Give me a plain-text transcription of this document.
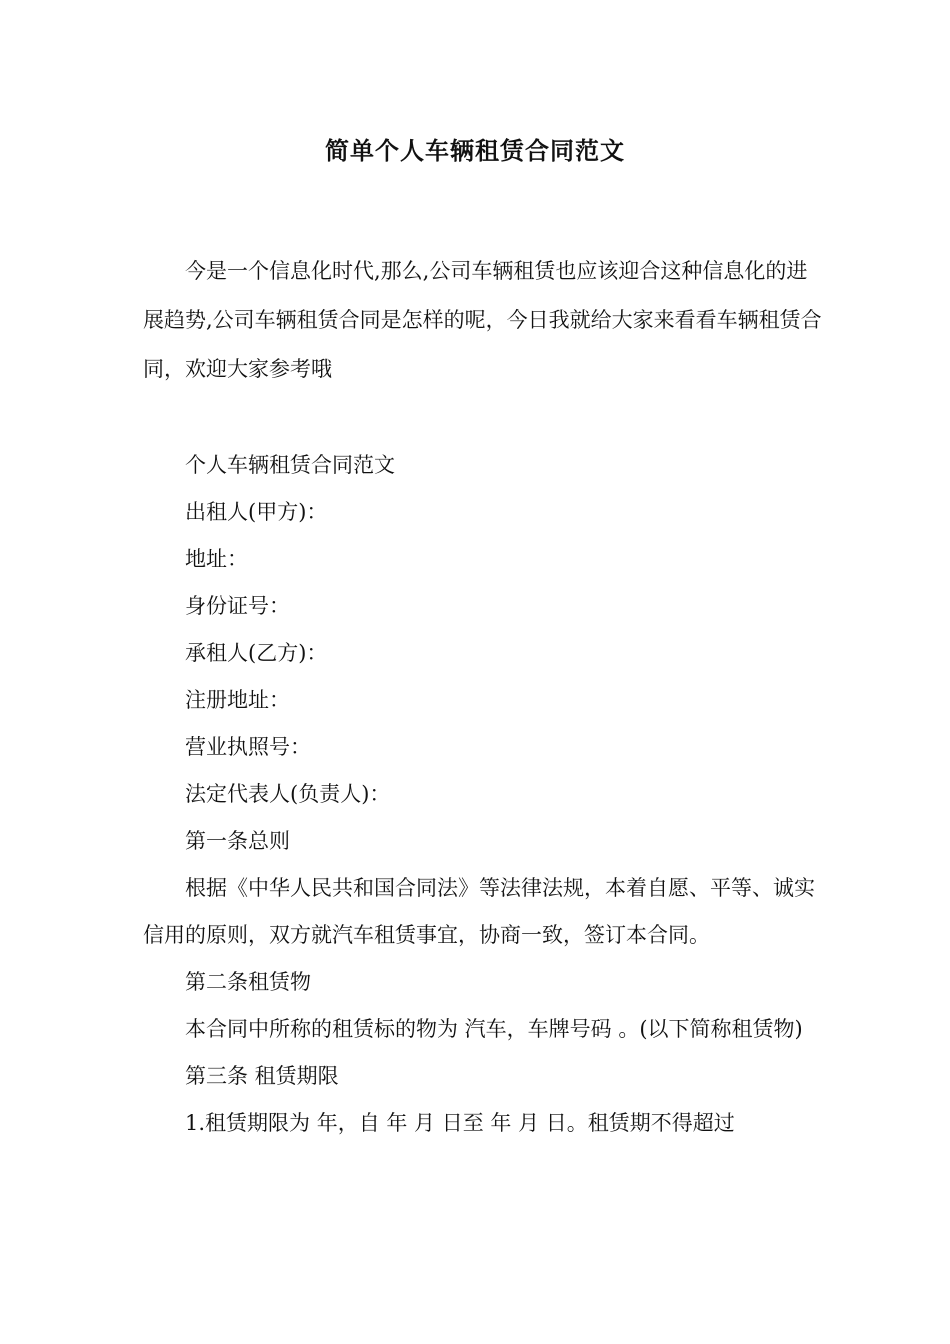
简单个人车辆租赁合同范文

今是一个信息化时代,那么,公司车辆租赁也应该迎合这种信息化的进展趋势,公司车辆租赁合同是怎样的呢，今日我就给大家来看看车辆租赁合同，欢迎大家参考哦

个人车辆租赁合同范文

出租人(甲方)：

地址：

身份证号：

承租人(乙方)：

注册地址：

营业执照号：

法定代表人(负责人)：

第一条总则

根据《中华人民共和国合同法》等法律法规，本着自愿、平等、诚实信用的原则，双方就汽车租赁事宜，协商一致，签订本合同。

第二条租赁物

本合同中所称的租赁标的物为 汽车，车牌号码 。(以下简称租赁物)

第三条 租赁期限

1.租赁期限为 年，自 年 月 日至 年 月 日。租赁期不得超过
